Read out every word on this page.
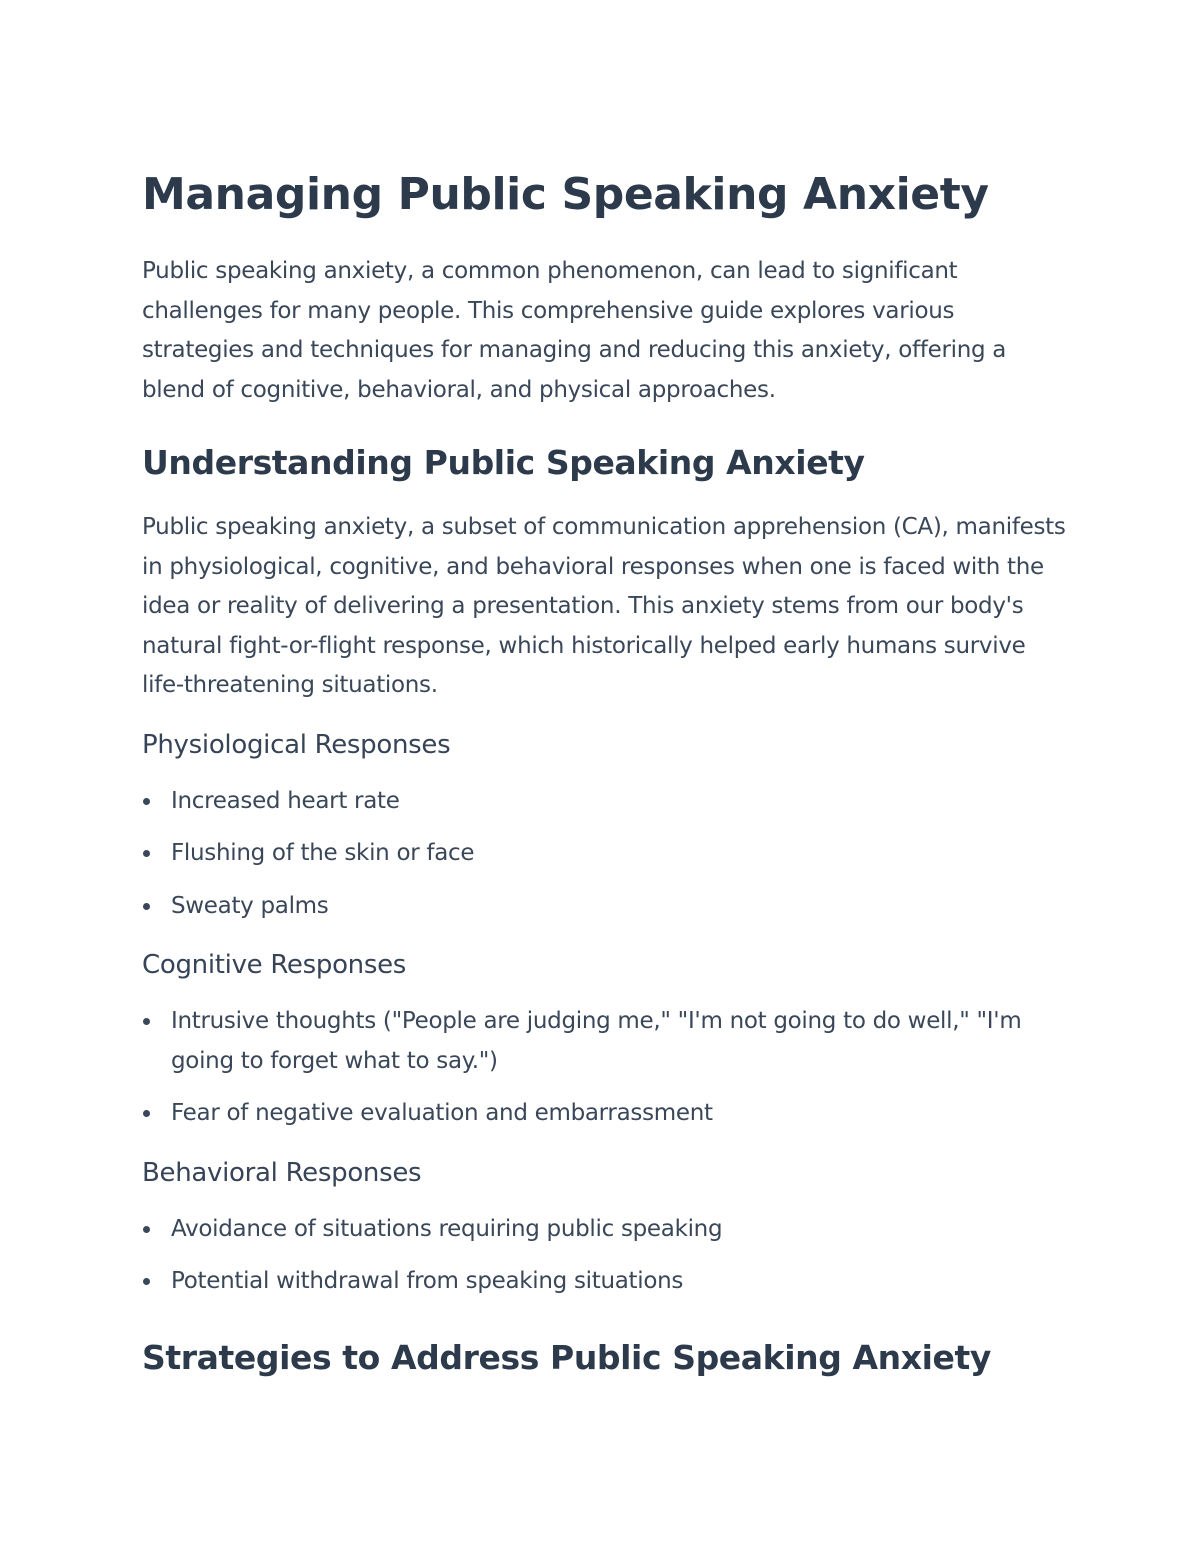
Managing Public Speaking Anxiety

Public speaking anxiety, a common phenomenon, can lead to significant challenges for many people. This comprehensive guide explores various strategies and techniques for managing and reducing this anxiety, offering a blend of cognitive, behavioral, and physical approaches.

Understanding Public Speaking Anxiety

Public speaking anxiety, a subset of communication apprehension (CA), manifests in physiological, cognitive, and behavioral responses when one is faced with the idea or reality of delivering a presentation. This anxiety stems from our body's natural fight-or-flight response, which historically helped early humans survive life-threatening situations.

Physiological Responses
Increased heart rate
Flushing of the skin or face
Sweaty palms
Cognitive Responses
Intrusive thoughts ("People are judging me," "I'm not going to do well," "I'm going to forget what to say.")
Fear of negative evaluation and embarrassment
Behavioral Responses
Avoidance of situations requiring public speaking
Potential withdrawal from speaking situations
Strategies to Address Public Speaking Anxiety
